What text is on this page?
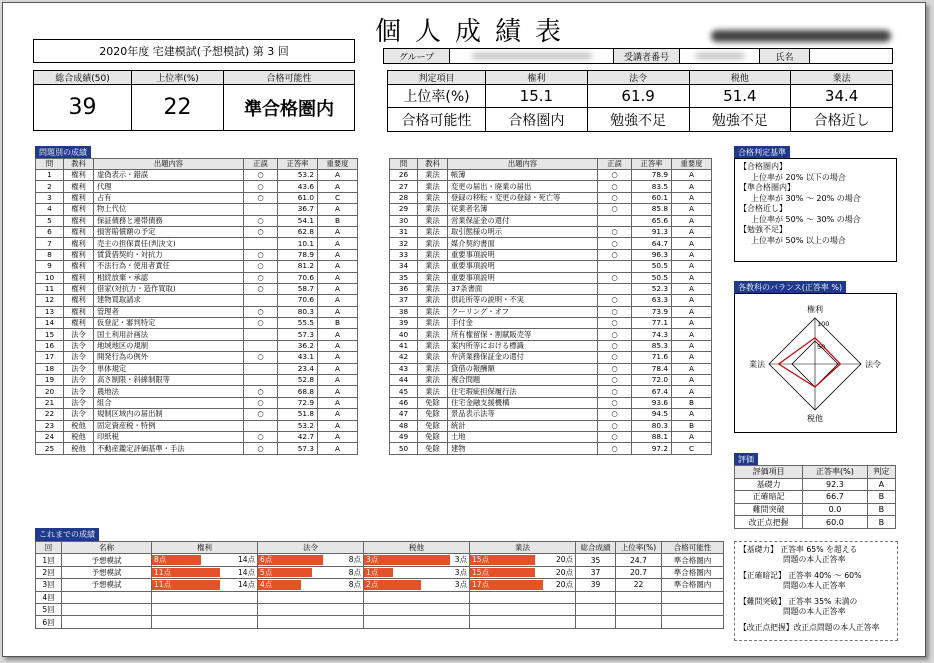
個人成績表
2020年度 宅建模試(予想模試) 第 3 回	グループ	受講者番号	氏名
総合成績(50)	上位率(%)	合格可能性
39	22	準合格圏内
判定項目	権利	法令	税他	業法
上位率(%)	15.1	61.9	51.4	34.4
合格可能性	合格圏内	勉強不足	勉強不足	合格近し
問題別の成績
問	教科	出題内容	正誤	正答率	重要度
1	権利	虚偽表示・錯誤	○	53.2	A
2	権利	代理	○	43.6	A
3	権利	占有	○	61.0	C
4	権利	物上代位		36.7	A
5	権利	保証債務と連帯債務	○	54.1	B
6	権利	損害賠償額の予定	○	62.8	A
7	権利	売主の担保責任(判決文)		10.1	A
8	権利	賃貸借契約・対抗力	○	78.9	A
9	権利	不法行為・使用者責任	○	81.2	A
10	権利	相続放棄・承認	○	70.6	A
11	権利	借家(対抗力・造作買取)	○	58.7	A
12	権利	建物買取請求		70.6	A
13	権利	管理者	○	80.3	A
14	権利	仮登記・審判特定	○	55.5	B
15	法令	国土利用計画法		57.3	A
16	法令	地域地区の規制		36.2	A
17	法令	開発行為の例外	○	43.1	A
18	法令	単体規定		23.4	A
19	法令	高さ制限・斜線制限等		52.8	A
20	法令	農地法	○	68.8	A
21	法令	組合	○	72.9	A
22	法令	規制区域内の届出制	○	51.8	A
23	税他	固定資産税・特例		53.2	A
24	税他	印紙税	○	42.7	A
25	税他	不動産鑑定評価基準・手法	○	57.3	A
問	教科	出題内容	正誤	正答率	重要度
26	業法	帳簿	○	78.9	A
27	業法	変更の届出・廃業の届出	○	83.5	A
28	業法	登録の移転・変更の登録・死亡等	○	60.1	A
29	業法	従業者名簿	○	85.8	A
30	業法	営業保証金の還付		65.6	A
31	業法	取引態様の明示	○	91.3	A
32	業法	媒介契約書面	○	64.7	A
33	業法	重要事項説明	○	96.3	A
34	業法	重要事項説明		50.5	A
35	業法	重要事項説明	○	50.5	A
36	業法	37条書面		52.3	A
37	業法	供託所等の説明・不実	○	63.3	A
38	業法	クーリング・オフ	○	73.9	A
39	業法	手付金	○	77.1	A
40	業法	所有権留保・割賦販売等	○	74.3	A
41	業法	案内所等における標識	○	85.3	A
42	業法	弁済業務保証金の還付	○	71.6	A
43	業法	貸借の報酬額	○	78.4	A
44	業法	複合問題	○	72.0	A
45	業法	住宅瑕疵担保履行法	○	67.4	A
46	免除	住宅金融支援機構	○	93.6	B
47	免除	景品表示法等	○	94.5	A
48	免除	統計	○	80.3	B
49	免除	土地	○	88.1	A
50	免除	建物	○	97.2	C
合格判定基準
【合格圏内】
上位率が 20% 以下の場合
【準合格圏内】
上位率が 30% ～ 20% の場合
【合格近し】
上位率が 50% ～ 30% の場合
【勉強不足】
上位率が 50% 以上の場合
各教科のバランス(正答率 %)
権利
法令
税他
業法
100
50
評価
評価項目	正答率(%)	判定
基礎力	92.3	A
正確暗記	66.7	B
難問突破	0.0	B
改正点把握	60.0	B
【基礎力】 正答率 65% を超える
問題の本人正答率
【正確暗記】 正答率 40% ～ 60%
問題の本人正答率
【難問突破】 正答率 35% 未満の
問題の本人正答率
【改正点把握】改正点問題の本人正答率
これまでの成績
回	名称	権利	法令	税他	業法	総合成績	上位率(%)	合格可能性
1回	予想模試	8点 14点	6点 8点	3点 3点	15点 20点	35	24.7	準合格圏内
2回	予想模試	11点 14点	5点 8点	1点 3点	15点 20点	37	20.7	準合格圏内
3回	予想模試	11点 14点	4点 8点	2点 3点	17点 20点	39	22	準合格圏内
4回								
5回								
6回								
